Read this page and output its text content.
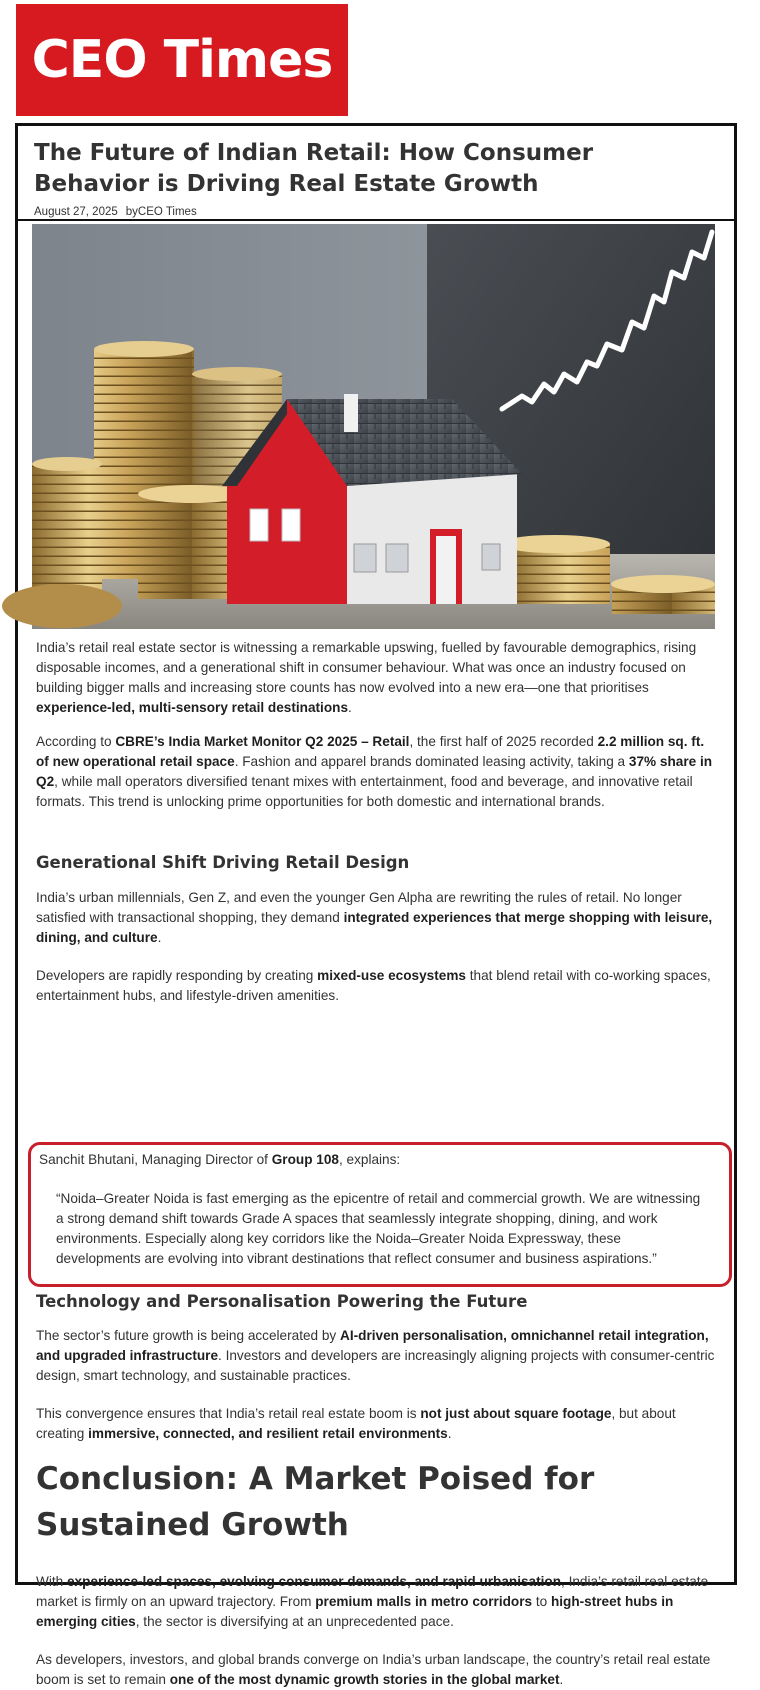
CEO Times
The Future of Indian Retail: How Consumer Behavior is Driving Real Estate Growth
August 27, 2025 byCEO Times

India’s retail real estate sector is witnessing a remarkable upswing, fuelled by favourable demographics, rising disposable incomes, and a generational shift in consumer behaviour. What was once an industry focused on building bigger malls and increasing store counts has now evolved into a new era—one that prioritises experience-led, multi-sensory retail destinations.

According to CBRE’s India Market Monitor Q2 2025 – Retail, the first half of 2025 recorded 2.2 million sq. ft. of new operational retail space. Fashion and apparel brands dominated leasing activity, taking a 37% share in Q2, while mall operators diversified tenant mixes with entertainment, food and beverage, and innovative retail formats. This trend is unlocking prime opportunities for both domestic and international brands.

Generational Shift Driving Retail Design

India’s urban millennials, Gen Z, and even the younger Gen Alpha are rewriting the rules of retail. No longer satisfied with transactional shopping, they demand integrated experiences that merge shopping with leisure, dining, and culture.

Developers are rapidly responding by creating mixed-use ecosystems that blend retail with co-working spaces, entertainment hubs, and lifestyle-driven amenities.

Sanchit Bhutani, Managing Director of Group 108, explains:

“Noida–Greater Noida is fast emerging as the epicentre of retail and commercial growth. We are witnessing a strong demand shift towards Grade A spaces that seamlessly integrate shopping, dining, and work environments. Especially along key corridors like the Noida–Greater Noida Expressway, these developments are evolving into vibrant destinations that reflect consumer and business aspirations.”

Technology and Personalisation Powering the Future

The sector’s future growth is being accelerated by AI-driven personalisation, omnichannel retail integration, and upgraded infrastructure. Investors and developers are increasingly aligning projects with consumer-centric design, smart technology, and sustainable practices.

This convergence ensures that India’s retail real estate boom is not just about square footage, but about creating immersive, connected, and resilient retail environments.

Conclusion: A Market Poised for Sustained Growth

With experience-led spaces, evolving consumer demands, and rapid urbanisation, India’s retail real estate market is firmly on an upward trajectory. From premium malls in metro corridors to high-street hubs in emerging cities, the sector is diversifying at an unprecedented pace.

As developers, investors, and global brands converge on India’s urban landscape, the country’s retail real estate boom is set to remain one of the most dynamic growth stories in the global market.
